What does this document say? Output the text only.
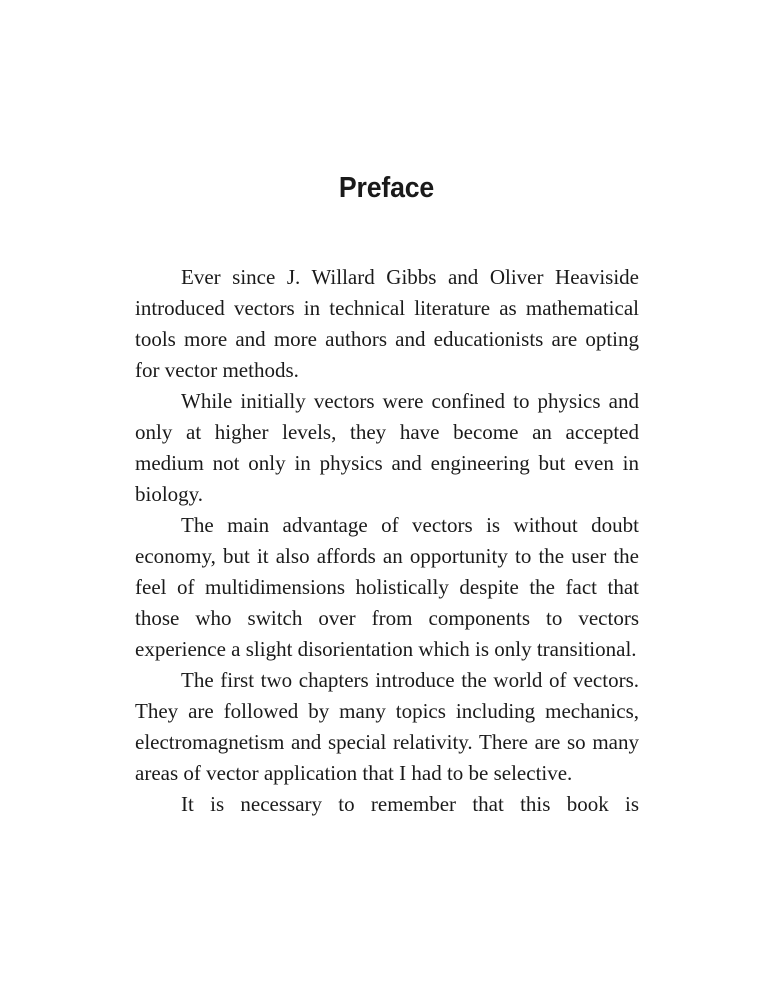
Preface

Ever since J. Willard Gibbs and Oliver Heaviside introduced vectors in technical literature as mathematical tools more and more authors and educationists are opting for vector methods.

While initially vectors were confined to physics and only at higher levels, they have become an accepted medium not only in physics and engineering but even in biology.

The main advantage of vectors is without doubt economy, but it also affords an opportunity to the user the feel of multidimensions holistically despite the fact that those who switch over from components to vectors experience a slight disorientation which is only transitional.

The first two chapters introduce the world of vectors. They are followed by many topics including mechanics, electromagnetism and special relativity. There are so many areas of vector application that I had to be selective.

It is necessary to remember that this book is
